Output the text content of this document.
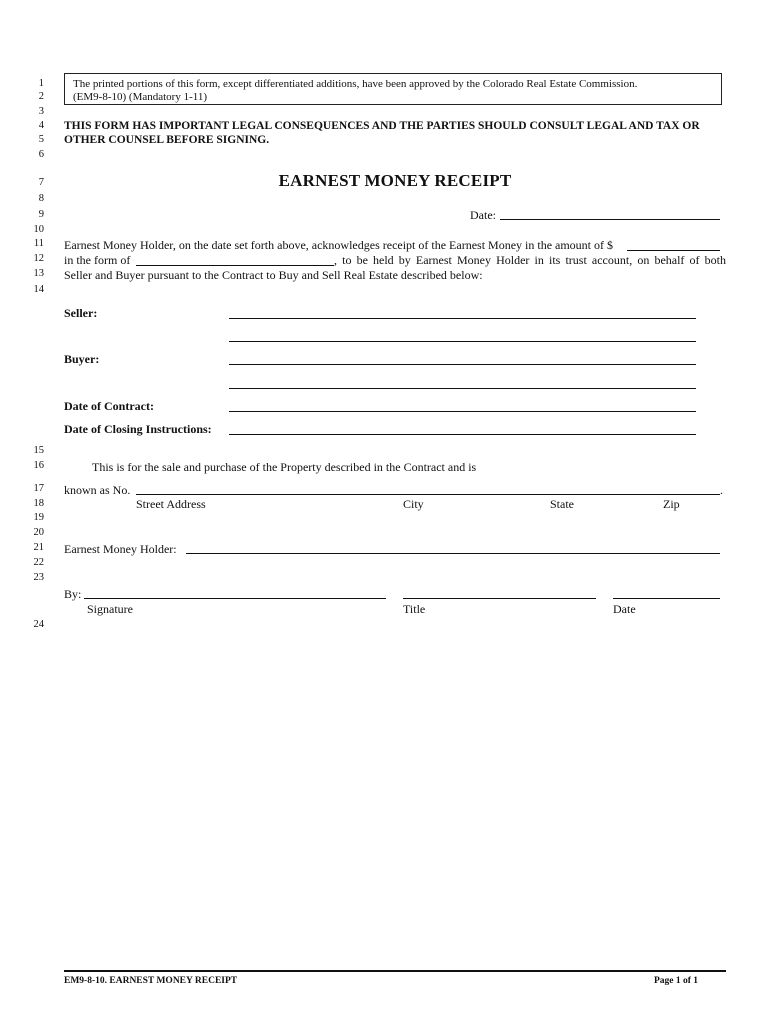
1
2
3
4
5
6
7
8
9
10
11
12
13
14
15
16
17
18
19
20
21
22
23
24
The printed portions of this form, except differentiated additions, have been approved by the Colorado Real Estate Commission.
(EM9-8-10) (Mandatory 1-11)
THIS FORM HAS IMPORTANT LEGAL CONSEQUENCES AND THE PARTIES SHOULD CONSULT LEGAL AND TAX OR
OTHER COUNSEL BEFORE SIGNING.
EARNEST MONEY RECEIPT
Date:
Earnest Money Holder, on the date set forth above, acknowledges receipt of the Earnest Money in the amount of $
in the form of	, to be held by Earnest Money Holder in its trust account, on behalf of both
Seller and Buyer pursuant to the Contract to Buy and Sell Real Estate described below:
Seller:
Buyer:
Date of Contract:
Date of Closing Instructions:
This is for the sale and purchase of the Property described in the Contract and is
known as No.	.
Street Address	City	State	Zip
Earnest Money Holder:
By:
Signature	Title	Date
EM9-8-10. EARNEST MONEY RECEIPT	Page 1 of 1
